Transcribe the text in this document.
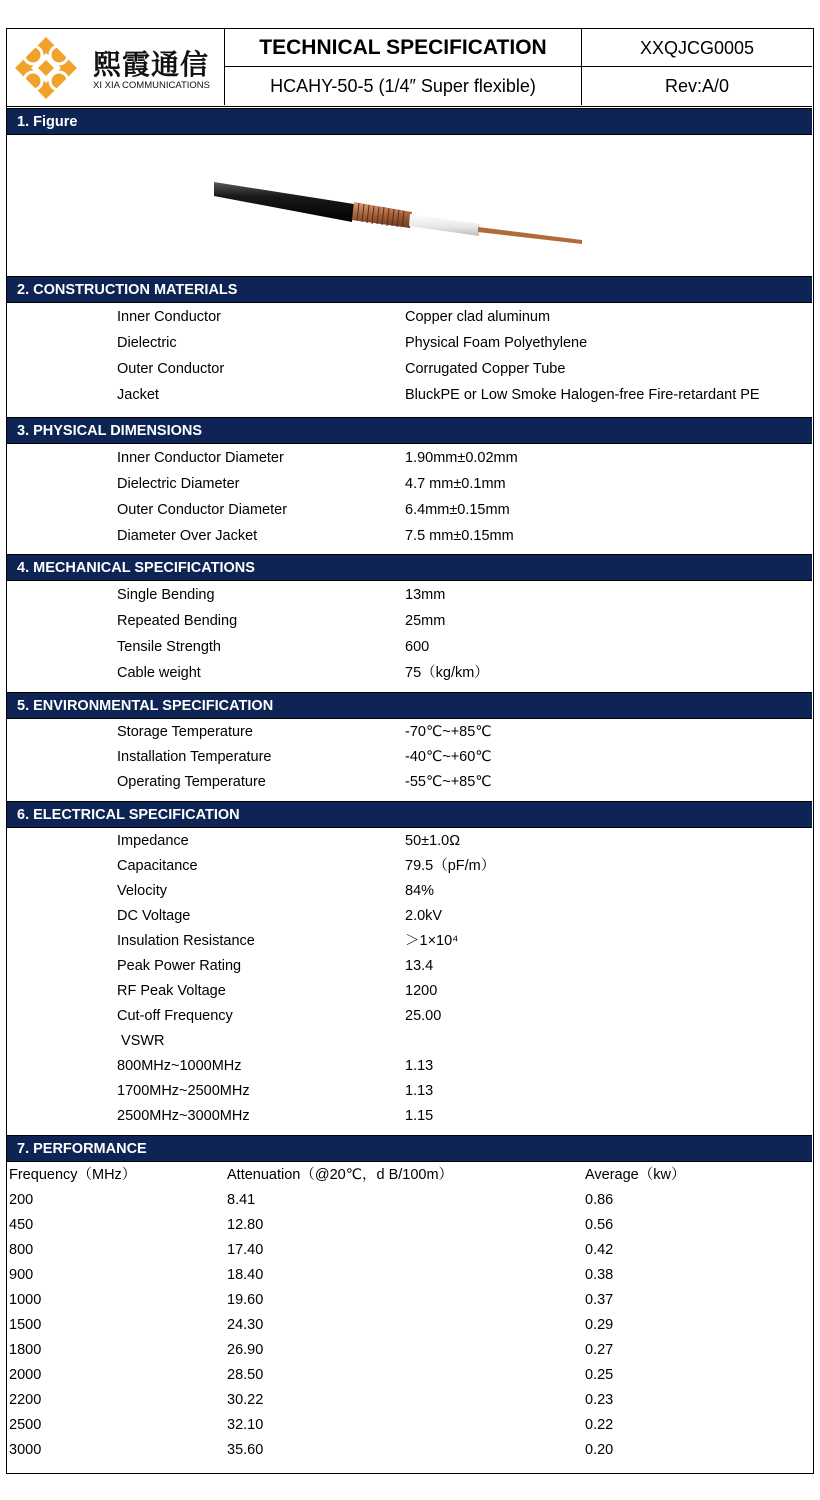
熙霞通信
XI XIA COMMUNICATIONS
TECHNICAL SPECIFICATION
HCAHY-50-5 (1/4″ Super flexible)
XXQJCG0005
Rev:A/0
1. Figure
2. CONSTRUCTION MATERIALS
Inner Conductor	Copper clad aluminum
Dielectric	Physical Foam Polyethylene
Outer Conductor	Corrugated Copper Tube
Jacket	BluckPE or Low Smoke Halogen-free Fire-retardant PE
3. PHYSICAL DIMENSIONS
Inner Conductor Diameter	1.90mm±0.02mm
Dielectric Diameter	4.7 mm±0.1mm
Outer Conductor Diameter	6.4mm±0.15mm
Diameter Over Jacket	7.5 mm±0.15mm
4. MECHANICAL SPECIFICATIONS
Single Bending	13mm
Repeated Bending	25mm
Tensile Strength	600
Cable weight	75（kg/km）
5. ENVIRONMENTAL SPECIFICATION
Storage Temperature	-70℃~+85℃
Installation Temperature	-40℃~+60℃
Operating Temperature	-55℃~+85℃
6. ELECTRICAL SPECIFICATION
Impedance	50±1.0Ω
Capacitance	79.5（pF/m）
Velocity	84%
DC Voltage	2.0kV
Insulation Resistance	＞1×10⁴
Peak Power Rating	13.4
RF Peak Voltage	1200
Cut-off Frequency	25.00
VSWR
800MHz~1000MHz	1.13
1700MHz~2500MHz	1.13
2500MHz~3000MHz	1.15
7. PERFORMANCE
Frequency（MHz）	Attenuation（@20℃，d B/100m）	Average（kw）
200	8.41	0.86
450	12.80	0.56
800	17.40	0.42
900	18.40	0.38
1000	19.60	0.37
1500	24.30	0.29
1800	26.90	0.27
2000	28.50	0.25
2200	30.22	0.23
2500	32.10	0.22
3000	35.60	0.20
